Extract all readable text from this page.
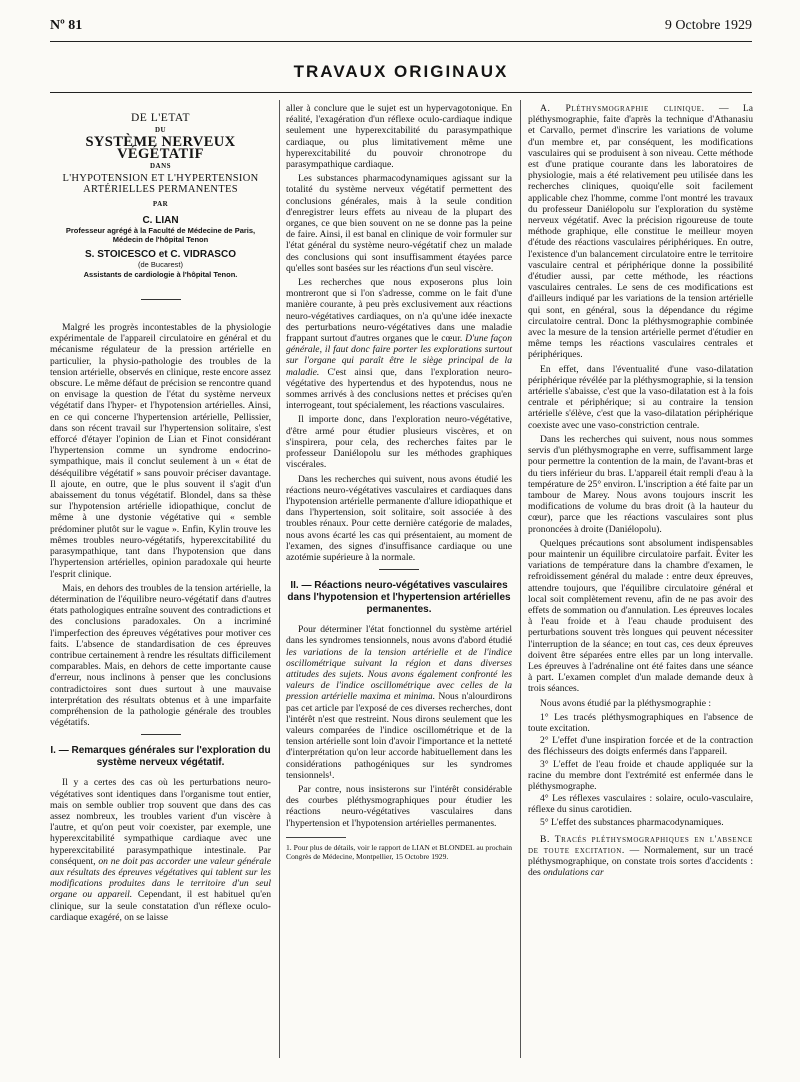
Nº 81	9 Octobre 1929
TRAVAUX ORIGINAUX
DE L'ETAT
DU
SYSTÈME NERVEUX VÉGÉTATIF
DANS
L'HYPOTENSION ET L'HYPERTENSION
ARTÉRIELLES PERMANENTES
PAR
C. LIAN
Professeur agrégé à la Faculté de Médecine de Paris,
Médecin de l'hôpital Tenon
S. STOICESCO et C. VIDRASCO
(de Bucarest)
Assistants de cardiologie à l'hôpital Tenon.

Malgré les progrès incontestables de la physiologie expérimentale de l'appareil circulatoire en général et du mécanisme régulateur de la pression artérielle en particulier, la physio-pathologie des troubles de la tension artérielle, observés en clinique, reste encore assez obscure. Le même défaut de précision se rencontre quand on envisage la question de l'état du système nerveux végétatif dans l'hyper- et l'hypotension artérielles. Ainsi, en ce qui concerne l'hypertension artérielle, Pellissier, dans son récent travail sur l'hypertension solitaire, s'est efforcé d'étayer l'opinion de Lian et Finot considérant l'hypertension comme un syndrome endocrino-sympathique, mais il conclut seulement à un « état de déséquilibre végétatif » sans pouvoir préciser davantage. Il ajoute, en outre, que le plus souvent il s'agit d'un abaissement du tonus végétatif. Blondel, dans sa thèse sur l'hypotension artérielle idiopathique, conclut de même à une dystonie végétative qui « semble prédominer plutôt sur le vague ». Enfin, Kylin trouve les mêmes troubles neuro-végétatifs, hyperexcitabilité du parasympathique, tant dans l'hypotension que dans l'hypertension artérielles, opinion paradoxale qui heurte l'esprit clinique.

Mais, en dehors des troubles de la tension artérielle, la détermination de l'équilibre neuro-végétatif dans d'autres états pathologiques entraîne souvent des contradictions et des conclusions paradoxales. On a incriminé l'imperfection des épreuves végétatives pour motiver ces faits. L'absence de standardisation de ces épreuves contribue certainement à rendre les résultats difficilement comparables. Mais, en dehors de cette importante cause d'erreur, nous inclinons à penser que les conclusions contradictoires sont dues surtout à une mauvaise interprétation des résultats obtenus et à une imparfaite compréhension de la pathologie générale des troubles végétatifs.

I. — Remarques générales sur l'exploration du système nerveux végétatif.

Il y a certes des cas où les perturbations neuro-végétatives sont identiques dans l'organisme tout entier, mais on semble oublier trop souvent que dans des cas assez nombreux, les troubles varient d'un viscère à l'autre, et qu'on peut voir coexister, par exemple, une hyperexcitabilité sympathique cardiaque avec une hyperexcitabilité parasympathique intestinale. Par conséquent, on ne doit pas accorder une valeur générale aux résultats des épreuves végétatives qui tablent sur les modifications produites dans le territoire d'un seul organe ou appareil. Cependant, il est habituel qu'en clinique, sur la seule constatation d'un réflexe oculo-cardiaque exagéré, on se laisse

aller à conclure que le sujet est un hypervagotonique. En réalité, l'exagération d'un réflexe oculo-cardiaque indique seulement une hyperexcitabilité du parasympathique cardiaque, ou plus limitativement même une hyperexcitabilité du pouvoir chronotrope du parasympathique cardiaque.

Les substances pharmacodynamiques agissant sur la totalité du système nerveux végétatif permettent des conclusions générales, mais à la seule condition d'enregistrer leurs effets au niveau de la plupart des organes, ce que bien souvent on ne se donne pas la peine de faire. Ainsi, il est banal en clinique de voir formuler sur l'état général du système neuro-végétatif chez un malade des conclusions qui sont insuffisamment étayées parce qu'elles sont basées sur les réactions d'un seul viscère.

Les recherches que nous exposerons plus loin montreront que si l'on s'adresse, comme on le fait d'une manière courante, à peu près exclusivement aux réactions neuro-végétatives cardiaques, on n'a qu'une idée inexacte des perturbations neuro-végétatives dans une maladie frappant surtout d'autres organes que le cœur. D'une façon générale, il faut donc faire porter les explorations surtout sur l'organe qui paraît être le siège principal de la maladie. C'est ainsi que, dans l'exploration neuro-végétative des hypertendus et des hypotendus, nous ne sommes arrivés à des conclusions nettes et précises qu'en interrogeant, tout spécialement, les réactions vasculaires.

Il importe donc, dans l'exploration neuro-végétative, d'être armé pour étudier plusieurs viscères, et on s'inspirera, pour cela, des recherches faites par le professeur Daniélopolu sur les méthodes graphiques viscérales.

Dans les recherches qui suivent, nous avons étudié les réactions neuro-végétatives vasculaires et cardiaques dans l'hypotension artérielle permanente d'allure idiopathique et dans l'hypertension, soit solitaire, soit associée à des troubles rénaux. Pour cette dernière catégorie de malades, nous avons écarté les cas qui présentaient, au moment de l'examen, des signes d'insuffisance cardiaque ou une azotémie supérieure à la normale.

II. — Réactions neuro-végétatives vasculaires dans l'hypotension et l'hypertension artérielles permanentes.

Pour déterminer l'état fonctionnel du système artériel dans les syndromes tensionnels, nous avons d'abord étudié les variations de la tension artérielle et de l'indice oscillométrique suivant la région et dans diverses attitudes des sujets. Nous avons également confronté les valeurs de l'indice oscillométrique avec celles de la pression artérielle maxima et minima. Nous n'alourdirons pas cet article par l'exposé de ces diverses recherches, dont l'intérêt n'est que restreint. Nous dirons seulement que les valeurs comparées de l'indice oscillométrique et de la tension artérielle sont loin d'avoir l'importance et la netteté d'interprétation qu'on leur accorde habituellement dans les considérations pathogéniques sur les syndromes tensionnels¹.

Par contre, nous insisterons sur l'intérêt considérable des courbes pléthysmographiques pour étudier les réactions neuro-végétatives vasculaires dans l'hypertension et l'hypotension artérielles permanentes.

1. Pour plus de détails, voir le rapport de LIAN et BLONDEL au prochain Congrès de Médecine, Montpellier, 15 Octobre 1929.

A. Pléthysmographie clinique. — La pléthysmographie, faite d'après la technique d'Athanasiu et Carvallo, permet d'inscrire les variations de volume d'un membre et, par conséquent, les modifications vasculaires qui se produisent à son niveau. Cette méthode est d'une pratique courante dans les laboratoires de physiologie, mais a été relativement peu utilisée dans les recherches cliniques, quoiqu'elle soit facilement applicable chez l'homme, comme l'ont montré les travaux du professeur Daniélopolu sur l'exploration du système nerveux végétatif. Avec la précision rigoureuse de toute méthode graphique, elle constitue le meilleur moyen d'étude des réactions vasculaires périphériques. En outre, l'existence d'un balancement circulatoire entre le territoire vasculaire central et périphérique donne la possibilité d'étudier aussi, par cette méthode, les réactions vasculaires centrales. Le sens de ces modifications est d'ailleurs indiqué par les variations de la tension artérielle qui sont, en général, sous la dépendance du régime circulatoire central. Donc la pléthysmographie combinée avec la mesure de la tension artérielle permet d'étudier en même temps les réactions vasculaires centrales et périphériques.

En effet, dans l'éventualité d'une vaso-dilatation périphérique révélée par la pléthysmographie, si la tension artérielle s'abaisse, c'est que la vaso-dilatation est à la fois centrale et périphérique; si au contraire la tension artérielle s'élève, c'est que la vaso-dilatation périphérique coexiste avec une vaso-constriction centrale.

Dans les recherches qui suivent, nous nous sommes servis d'un pléthysmographe en verre, suffisamment large pour permettre la contention de la main, de l'avant-bras et du tiers inférieur du bras. L'appareil était rempli d'eau à la température de 25° environ. L'inscription a été faite par un tambour de Marey. Nous avons toujours inscrit les modifications de volume du bras droit (à la hauteur du cœur), parce que les réactions vasculaires sont plus prononcées à droite (Daniélopolu).

Quelques précautions sont absolument indispensables pour maintenir un équilibre circulatoire parfait. Éviter les variations de température dans la chambre d'examen, le refroidissement général du malade : entre deux épreuves, attendre toujours, que l'équilibre circulatoire général et local soit complètement revenu, afin de ne pas avoir des effets de sommation ou d'annulation. Les épreuves locales à l'eau froide et à l'eau chaude produisent des perturbations souvent très longues qui peuvent nécessiter l'interruption de la séance; en tout cas, ces deux épreuves doivent être séparées entre elles par un long intervalle. Les épreuves à l'adrénaline ont été faites dans une séance à part. L'examen complet d'un malade demande deux à trois séances.

Nous avons étudié par la pléthysmographie :

1° Les tracés pléthysmographiques en l'absence de toute excitation.

2° L'effet d'une inspiration forcée et de la contraction des fléchisseurs des doigts enfermés dans l'appareil.

3° L'effet de l'eau froide et chaude appliquée sur la racine du membre dont l'extrémité est enfermée dans le pléthysmographe.

4° Les réflexes vasculaires : solaire, oculo-vasculaire, réflexe du sinus carotidien.

5° L'effet des substances pharmacodynamiques.

B. Tracés pléthysmographiques en l'absence de toute excitation. — Normalement, sur un tracé pléthysmographique, on constate trois sortes d'accidents : des ondulations car
